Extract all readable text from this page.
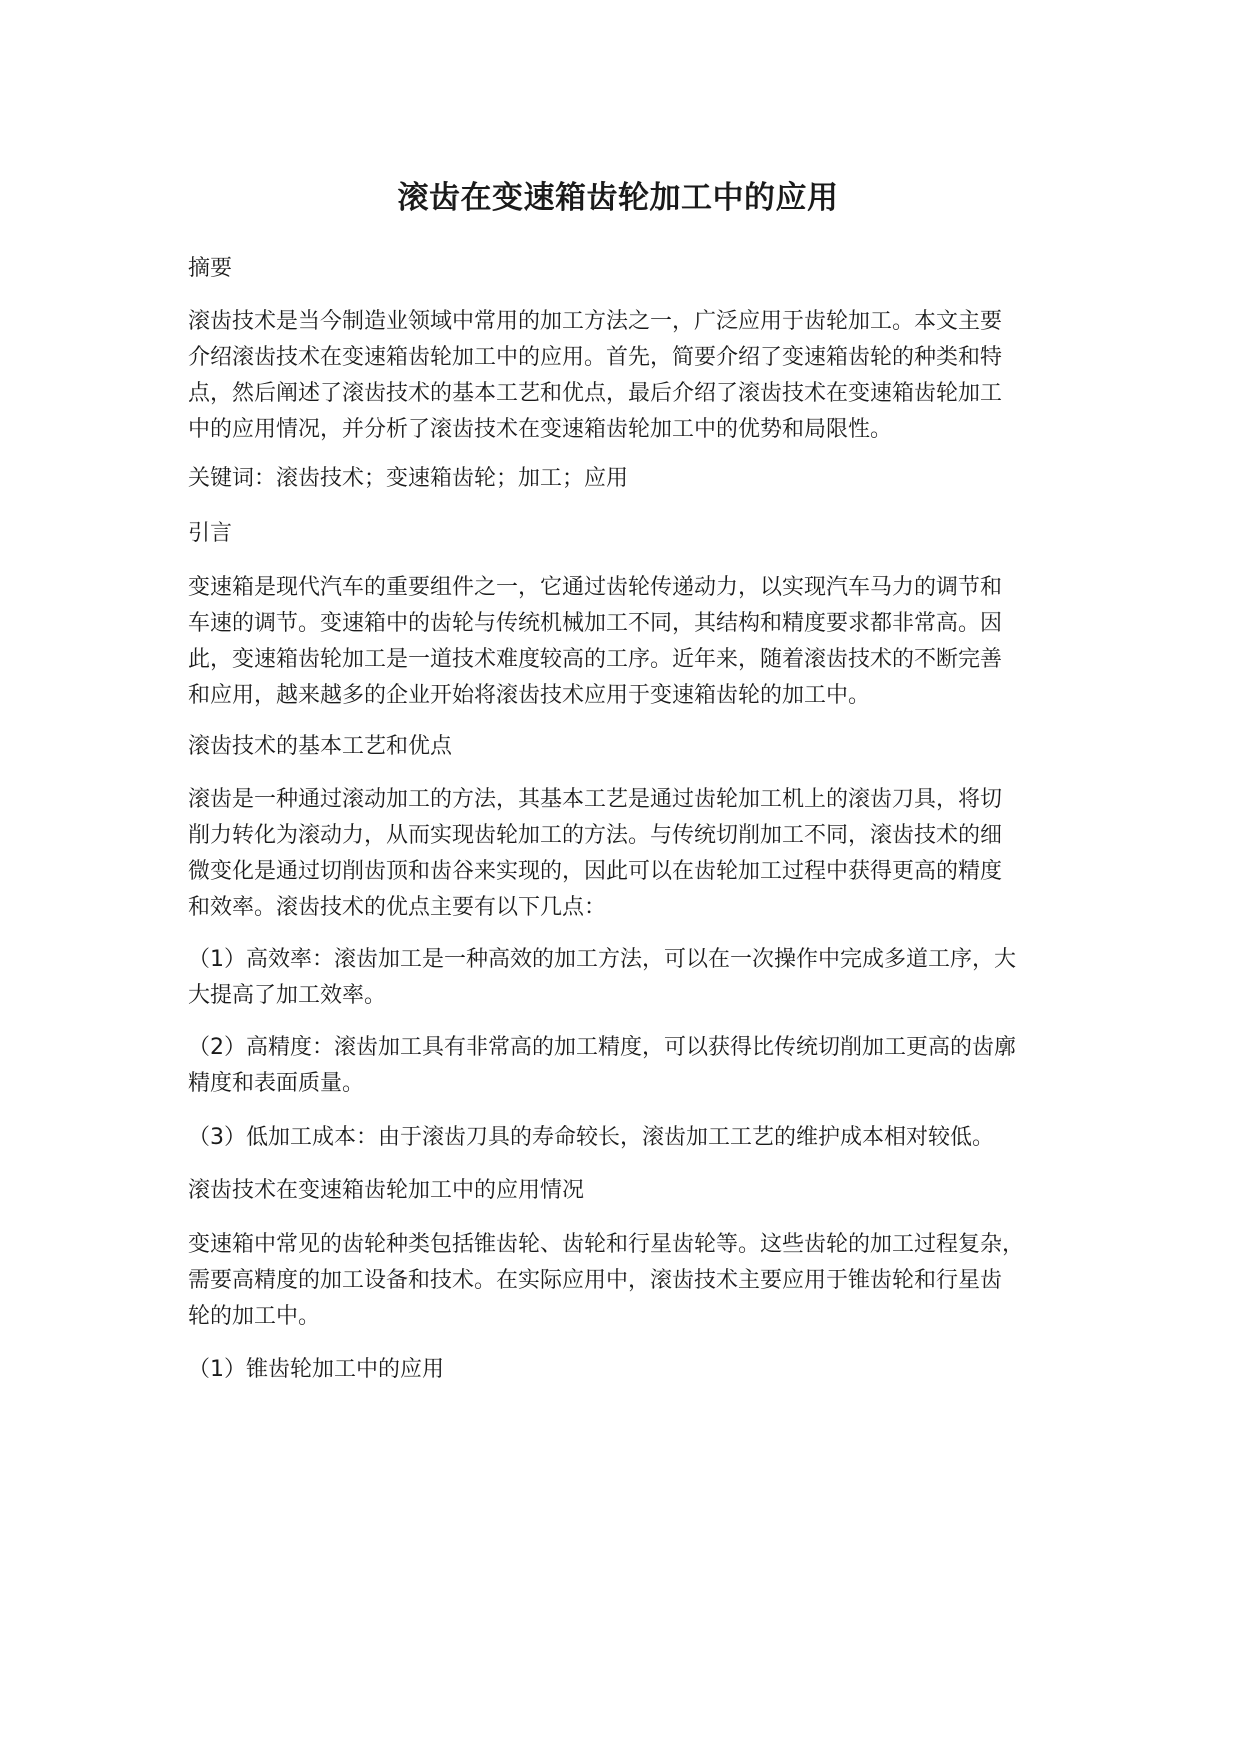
滚齿在变速箱齿轮加工中的应用

摘要

滚齿技术是当今制造业领域中常用的加工方法之一，广泛应用于齿轮加工。本文主要
介绍滚齿技术在变速箱齿轮加工中的应用。首先，简要介绍了变速箱齿轮的种类和特
点，然后阐述了滚齿技术的基本工艺和优点，最后介绍了滚齿技术在变速箱齿轮加工
中的应用情况，并分析了滚齿技术在变速箱齿轮加工中的优势和局限性。

关键词：滚齿技术；变速箱齿轮；加工；应用

引言

变速箱是现代汽车的重要组件之一，它通过齿轮传递动力，以实现汽车马力的调节和
车速的调节。变速箱中的齿轮与传统机械加工不同，其结构和精度要求都非常高。因
此，变速箱齿轮加工是一道技术难度较高的工序。近年来，随着滚齿技术的不断完善
和应用，越来越多的企业开始将滚齿技术应用于变速箱齿轮的加工中。

滚齿技术的基本工艺和优点

滚齿是一种通过滚动加工的方法，其基本工艺是通过齿轮加工机上的滚齿刀具，将切
削力转化为滚动力，从而实现齿轮加工的方法。与传统切削加工不同，滚齿技术的细
微变化是通过切削齿顶和齿谷来实现的，因此可以在齿轮加工过程中获得更高的精度
和效率。滚齿技术的优点主要有以下几点：
（1）高效率：滚齿加工是一种高效的加工方法，可以在一次操作中完成多道工序，大
大提高了加工效率。
（2）高精度：滚齿加工具有非常高的加工精度，可以获得比传统切削加工更高的齿廓
精度和表面质量。

（3）低加工成本：由于滚齿刀具的寿命较长，滚齿加工工艺的维护成本相对较低。

滚齿技术在变速箱齿轮加工中的应用情况

变速箱中常见的齿轮种类包括锥齿轮、齿轮和行星齿轮等。这些齿轮的加工过程复杂，
需要高精度的加工设备和技术。在实际应用中，滚齿技术主要应用于锥齿轮和行星齿
轮的加工中。

（1）锥齿轮加工中的应用
